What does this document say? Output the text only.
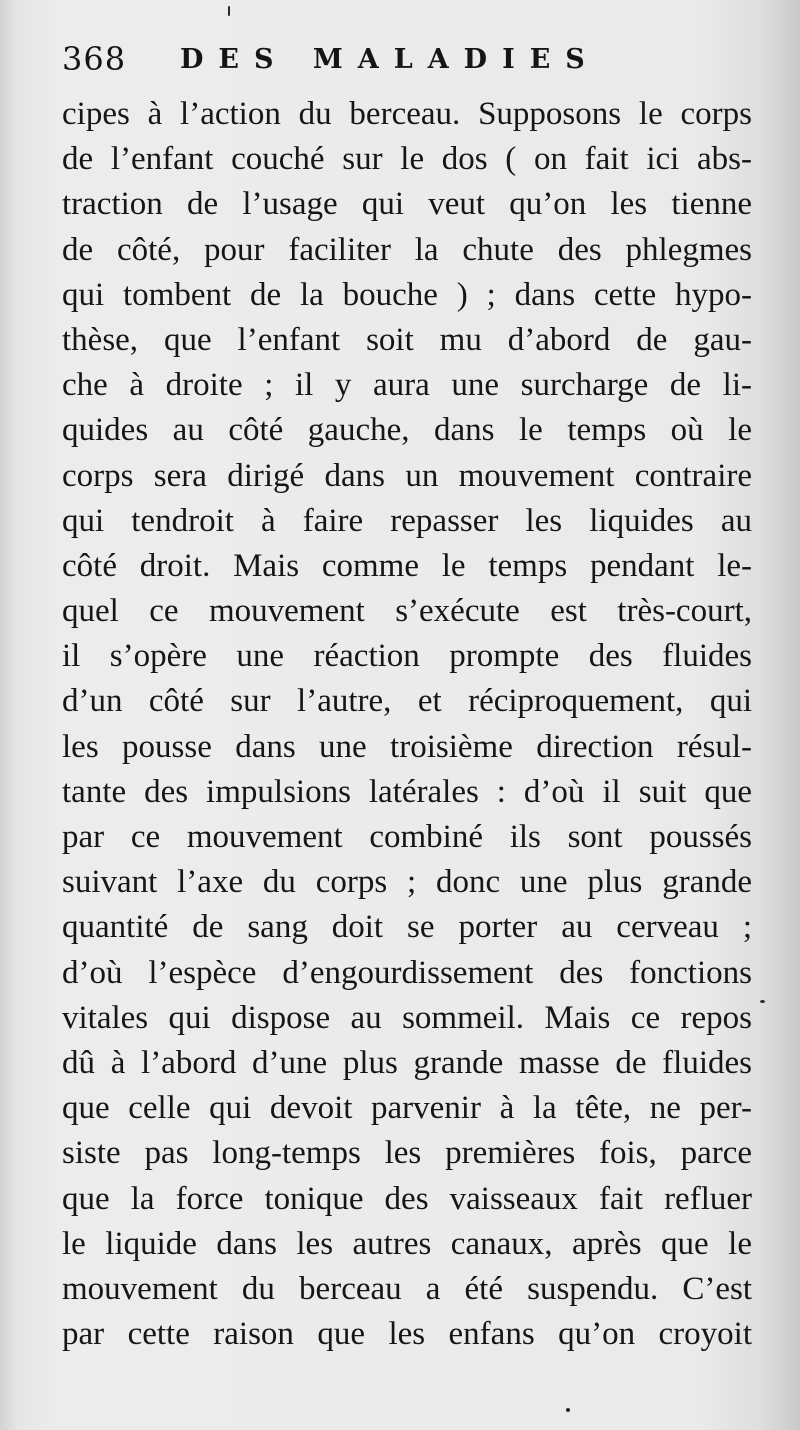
368 DES MALADIES
cipes à l’action du berceau. Supposons le corps
de l’enfant couché sur le dos ( on fait ici abs-
traction de l’usage qui veut qu’on les tienne
de côté, pour faciliter la chute des phlegmes
qui tombent de la bouche ) ; dans cette hypo-
thèse, que l’enfant soit mu d’abord de gau-
che à droite ; il y aura une surcharge de li-
quides au côté gauche, dans le temps où le
corps sera dirigé dans un mouvement contraire
qui tendroit à faire repasser les liquides au
côté droit. Mais comme le temps pendant le-
quel ce mouvement s’exécute est très-court,
il s’opère une réaction prompte des fluides
d’un côté sur l’autre, et réciproquement, qui
les pousse dans une troisième direction résul-
tante des impulsions latérales : d’où il suit que
par ce mouvement combiné ils sont poussés
suivant l’axe du corps ; donc une plus grande
quantité de sang doit se porter au cerveau ;
d’où l’espèce d’engourdissement des fonctions
vitales qui dispose au sommeil. Mais ce repos
dû à l’abord d’une plus grande masse de fluides
que celle qui devoit parvenir à la tête, ne per-
siste pas long-temps les premières fois, parce
que la force tonique des vaisseaux fait refluer
le liquide dans les autres canaux, après que le
mouvement du berceau a été suspendu. C’est
par cette raison que les enfans qu’on croyoit
